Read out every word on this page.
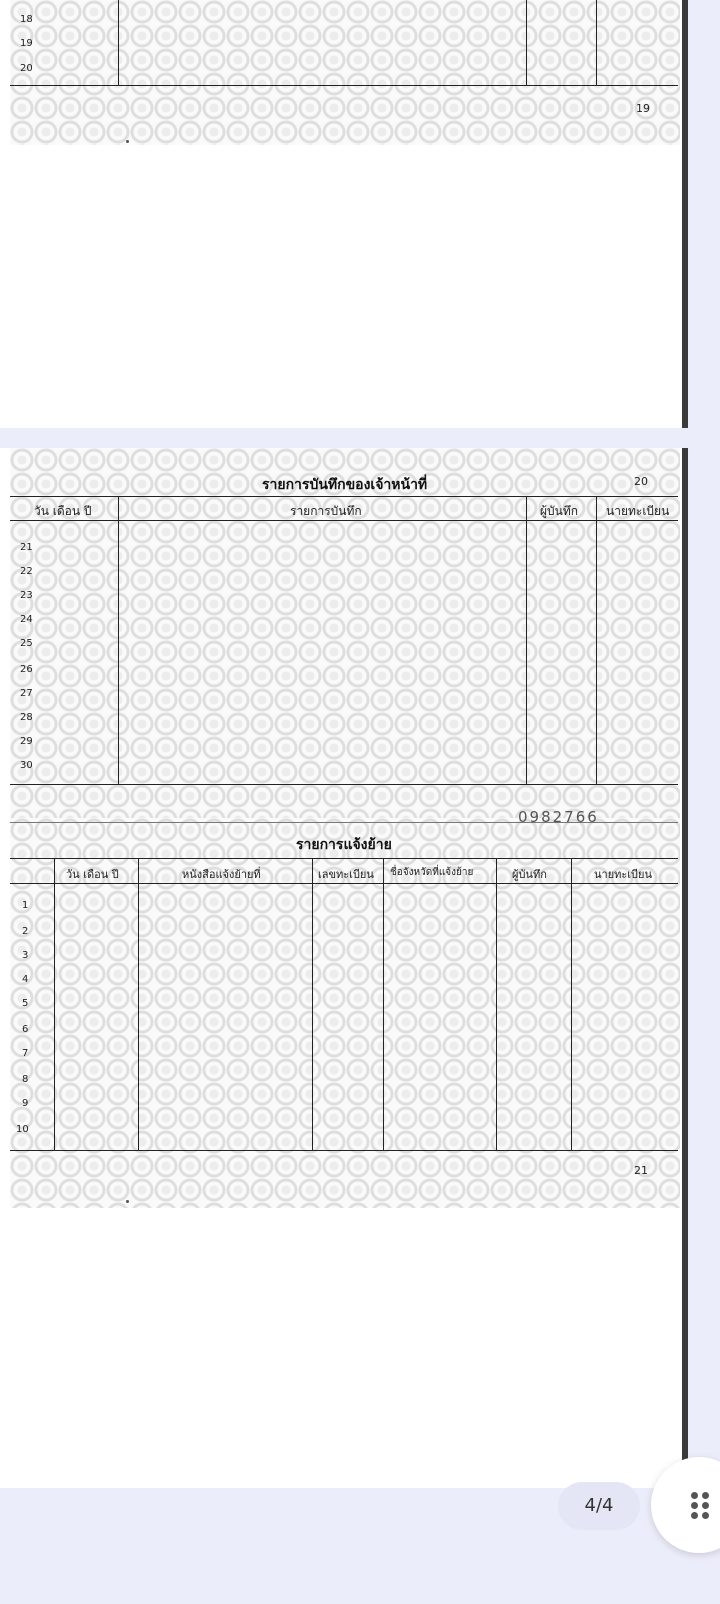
18
19
20
19
รายการบันทึกของเจ้าหน้าที่	20
วัน เดือน ปี	รายการบันทึก	ผู้บันทึก นายทะเบียน
21
22
23
24
25
26
27
28
29
30
0982766
รายการแจ้งย้าย
วัน เดือน ปี	หนังสือแจ้งย้ายที่	เลขทะเบียน ชื่อจังหวัดที่แจ้งย้าย	ผู้บันทึก	นายทะเบียน
1
2
3
4
5
6
7
8
9
10
21
4/4
